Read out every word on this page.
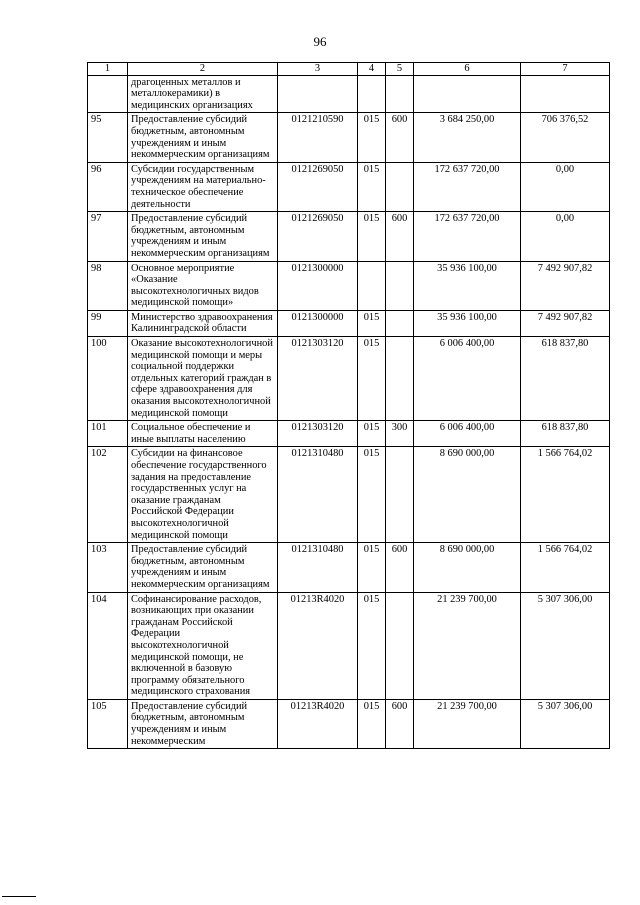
96
1	2	3	4	5	6	7
	драгоценных металлов и металлокерамики) в медицинских организациях					
95	Предоставление субсидий бюджетным, автономным учреждениям и иным некоммерческим организациям	0121210590	015	600	3 684 250,00	706 376,52
96	Субсидии государственным учреждениям на материально-техническое обеспечение деятельности	0121269050	015		172 637 720,00	0,00
97	Предоставление субсидий бюджетным, автономным учреждениям и иным некоммерческим организациям	0121269050	015	600	172 637 720,00	0,00
98	Основное мероприятие «Оказание высокотехнологичных видов медицинской помощи»	0121300000			35 936 100,00	7 492 907,82
99	Министерство здравоохранения Калининградской области	0121300000	015		35 936 100,00	7 492 907,82
100	Оказание высокотехнологичной медицинской помощи и меры социальной поддержки отдельных категорий граждан в сфере здравоохранения для оказания высокотехнологичной медицинской помощи	0121303120	015		6 006 400,00	618 837,80
101	Социальное обеспечение и иные выплаты населению	0121303120	015	300	6 006 400,00	618 837,80
102	Субсидии на финансовое обеспечение государственного задания на предоставление государственных услуг на оказание гражданам Российской Федерации высокотехнологичной медицинской помощи	0121310480	015		8 690 000,00	1 566 764,02
103	Предоставление субсидий бюджетным, автономным учреждениям и иным некоммерческим организациям	0121310480	015	600	8 690 000,00	1 566 764,02
104	Софинансирование расходов, возникающих при оказании гражданам Российской Федерации высокотехнологичной медицинской помощи, не включенной в базовую программу обязательного медицинского страхования	01213R4020	015		21 239 700,00	5 307 306,00
105	Предоставление субсидий бюджетным, автономным учреждениям и иным некоммерческим	01213R4020	015	600	21 239 700,00	5 307 306,00
